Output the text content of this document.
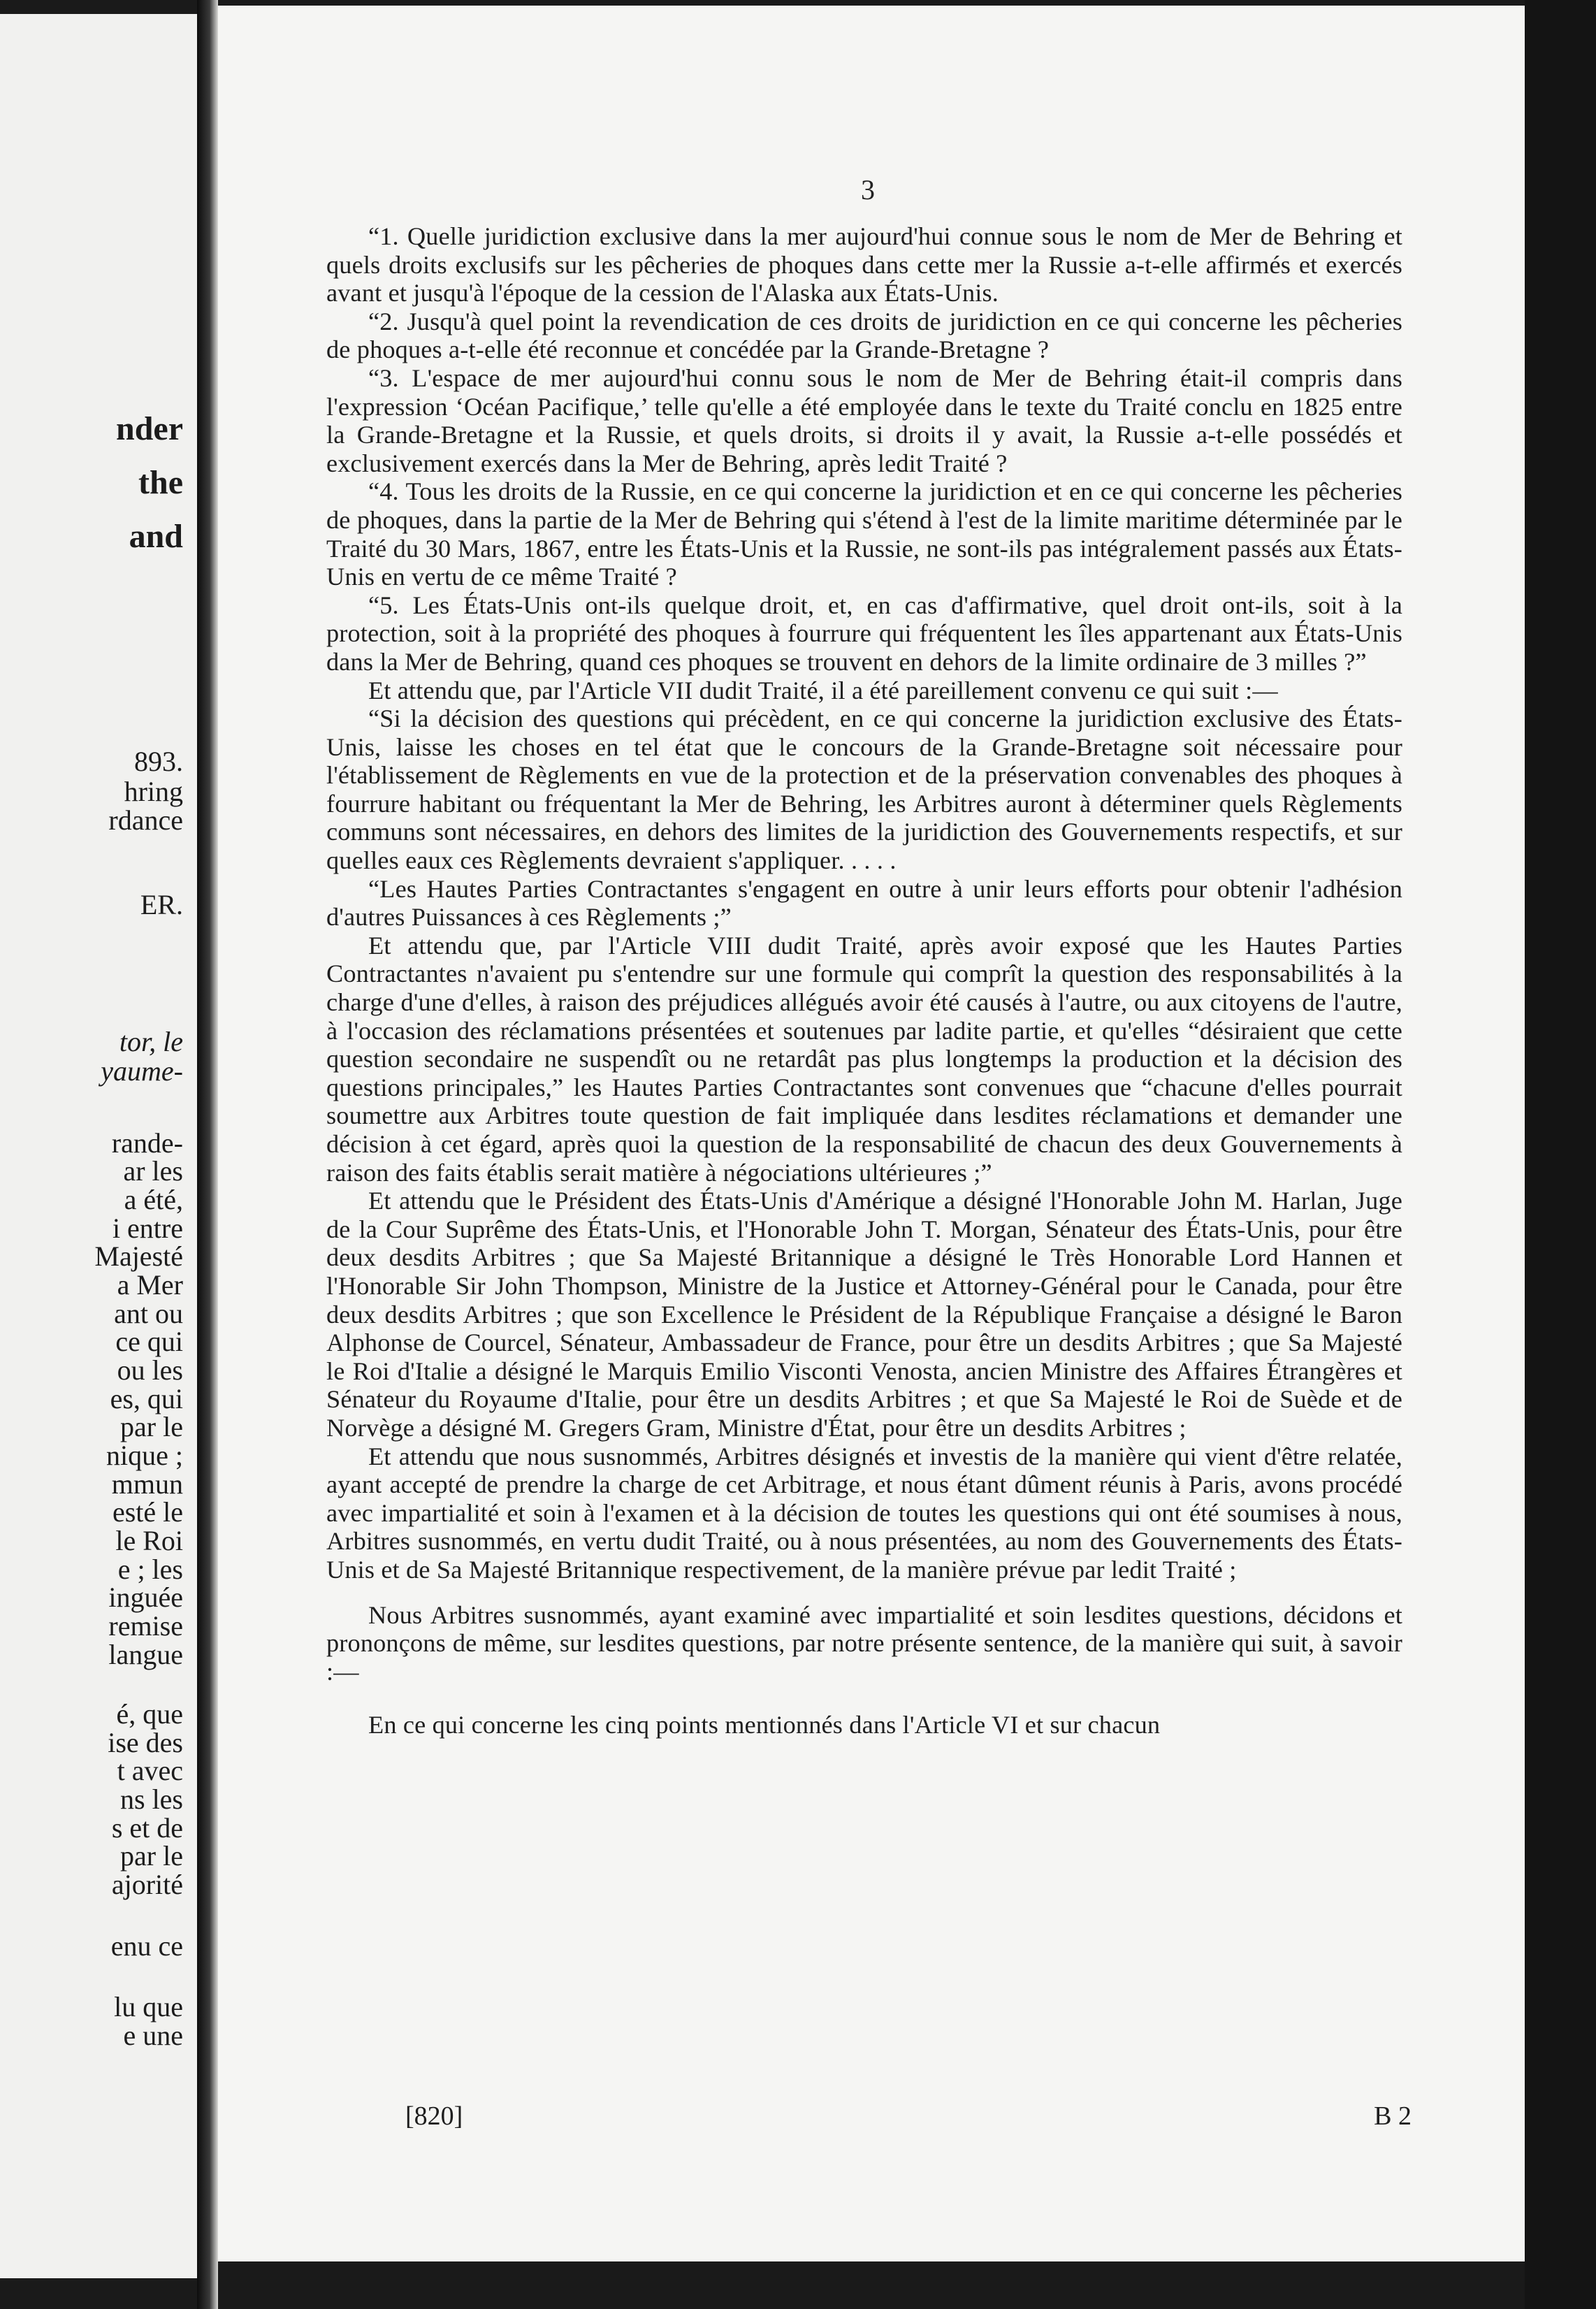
nder

the

and

893.

hring

rdance

ER.

tor, le

yaume-

rande-

ar les

a été,

i entre

Majesté

a Mer

ant ou

ce qui

ou les

es, qui

par le

nique ;

mmun

esté le

le Roi

e ; les

inguée

remise

langue

é, que

ise des

t avec

ns les

s et de

par le

ajorité

enu ce

lu que

e une

3

“1. Quelle juridiction exclusive dans la mer aujourd'hui connue sous le nom de Mer de Behring et quels droits exclusifs sur les pêcheries de phoques dans cette mer la Russie a-t-elle affirmés et exercés avant et jusqu'à l'époque de la cession de l'Alaska aux États-Unis.

“2. Jusqu'à quel point la revendication de ces droits de juridiction en ce qui concerne les pêcheries de phoques a-t-elle été reconnue et concédée par la Grande-Bretagne ?

“3. L'espace de mer aujourd'hui connu sous le nom de Mer de Behring était-il compris dans l'expression ‘Océan Pacifique,’ telle qu'elle a été employée dans le texte du Traité conclu en 1825 entre la Grande-Bretagne et la Russie, et quels droits, si droits il y avait, la Russie a-t-elle possédés et exclusivement exercés dans la Mer de Behring, après ledit Traité ?

“4. Tous les droits de la Russie, en ce qui concerne la juridiction et en ce qui concerne les pêcheries de phoques, dans la partie de la Mer de Behring qui s'étend à l'est de la limite maritime déterminée par le Traité du 30 Mars, 1867, entre les États-Unis et la Russie, ne sont-ils pas intégralement passés aux États-Unis en vertu de ce même Traité ?

“5. Les États-Unis ont-ils quelque droit, et, en cas d'affirmative, quel droit ont-ils, soit à la protection, soit à la propriété des phoques à fourrure qui fréquentent les îles appartenant aux États-Unis dans la Mer de Behring, quand ces phoques se trouvent en dehors de la limite ordinaire de 3 milles ?”

Et attendu que, par l'Article VII dudit Traité, il a été pareillement convenu ce qui suit :—

“Si la décision des questions qui précèdent, en ce qui concerne la juridiction exclusive des États-Unis, laisse les choses en tel état que le concours de la Grande-Bretagne soit nécessaire pour l'établissement de Règlements en vue de la protection et de la préservation convenables des phoques à fourrure habitant ou fréquentant la Mer de Behring, les Arbitres auront à déterminer quels Règlements communs sont nécessaires, en dehors des limites de la juridiction des Gouvernements respectifs, et sur quelles eaux ces Règlements devraient s'appliquer. . . . .

“Les Hautes Parties Contractantes s'engagent en outre à unir leurs efforts pour obtenir l'adhésion d'autres Puissances à ces Règlements ;”

Et attendu que, par l'Article VIII dudit Traité, après avoir exposé que les Hautes Parties Contractantes n'avaient pu s'entendre sur une formule qui comprît la question des responsabilités à la charge d'une d'elles, à raison des préjudices allégués avoir été causés à l'autre, ou aux citoyens de l'autre, à l'occasion des réclamations présentées et soutenues par ladite partie, et qu'elles “désiraient que cette question secondaire ne suspendît ou ne retardât pas plus longtemps la production et la décision des questions principales,” les Hautes Parties Contractantes sont convenues que “chacune d'elles pourrait soumettre aux Arbitres toute question de fait impliquée dans lesdites réclamations et demander une décision à cet égard, après quoi la question de la responsabilité de chacun des deux Gouvernements à raison des faits établis serait matière à négociations ultérieures ;”

Et attendu que le Président des États-Unis d'Amérique a désigné l'Honorable John M. Harlan, Juge de la Cour Suprême des États-Unis, et l'Honorable John T. Morgan, Sénateur des États-Unis, pour être deux desdits Arbitres ; que Sa Majesté Britannique a désigné le Très Honorable Lord Hannen et l'Honorable Sir John Thompson, Ministre de la Justice et Attorney-Général pour le Canada, pour être deux desdits Arbitres ; que son Excellence le Président de la République Française a désigné le Baron Alphonse de Courcel, Sénateur, Ambassadeur de France, pour être un desdits Arbitres ; que Sa Majesté le Roi d'Italie a désigné le Marquis Emilio Visconti Venosta, ancien Ministre des Affaires Étrangères et Sénateur du Royaume d'Italie, pour être un desdits Arbitres ; et que Sa Majesté le Roi de Suède et de Norvège a désigné M. Gregers Gram, Ministre d'État, pour être un desdits Arbitres ;

Et attendu que nous susnommés, Arbitres désignés et investis de la manière qui vient d'être relatée, ayant accepté de prendre la charge de cet Arbitrage, et nous étant dûment réunis à Paris, avons procédé avec impartialité et soin à l'examen et à la décision de toutes les questions qui ont été soumises à nous, Arbitres susnommés, en vertu dudit Traité, ou à nous présentées, au nom des Gouvernements des États-Unis et de Sa Majesté Britannique respectivement, de la manière prévue par ledit Traité ;

Nous Arbitres susnommés, ayant examiné avec impartialité et soin lesdites questions, décidons et prononçons de même, sur lesdites questions, par notre présente sentence, de la manière qui suit, à savoir :—

En ce qui concerne les cinq points mentionnés dans l'Article VI et sur chacun

[820]	B 2
